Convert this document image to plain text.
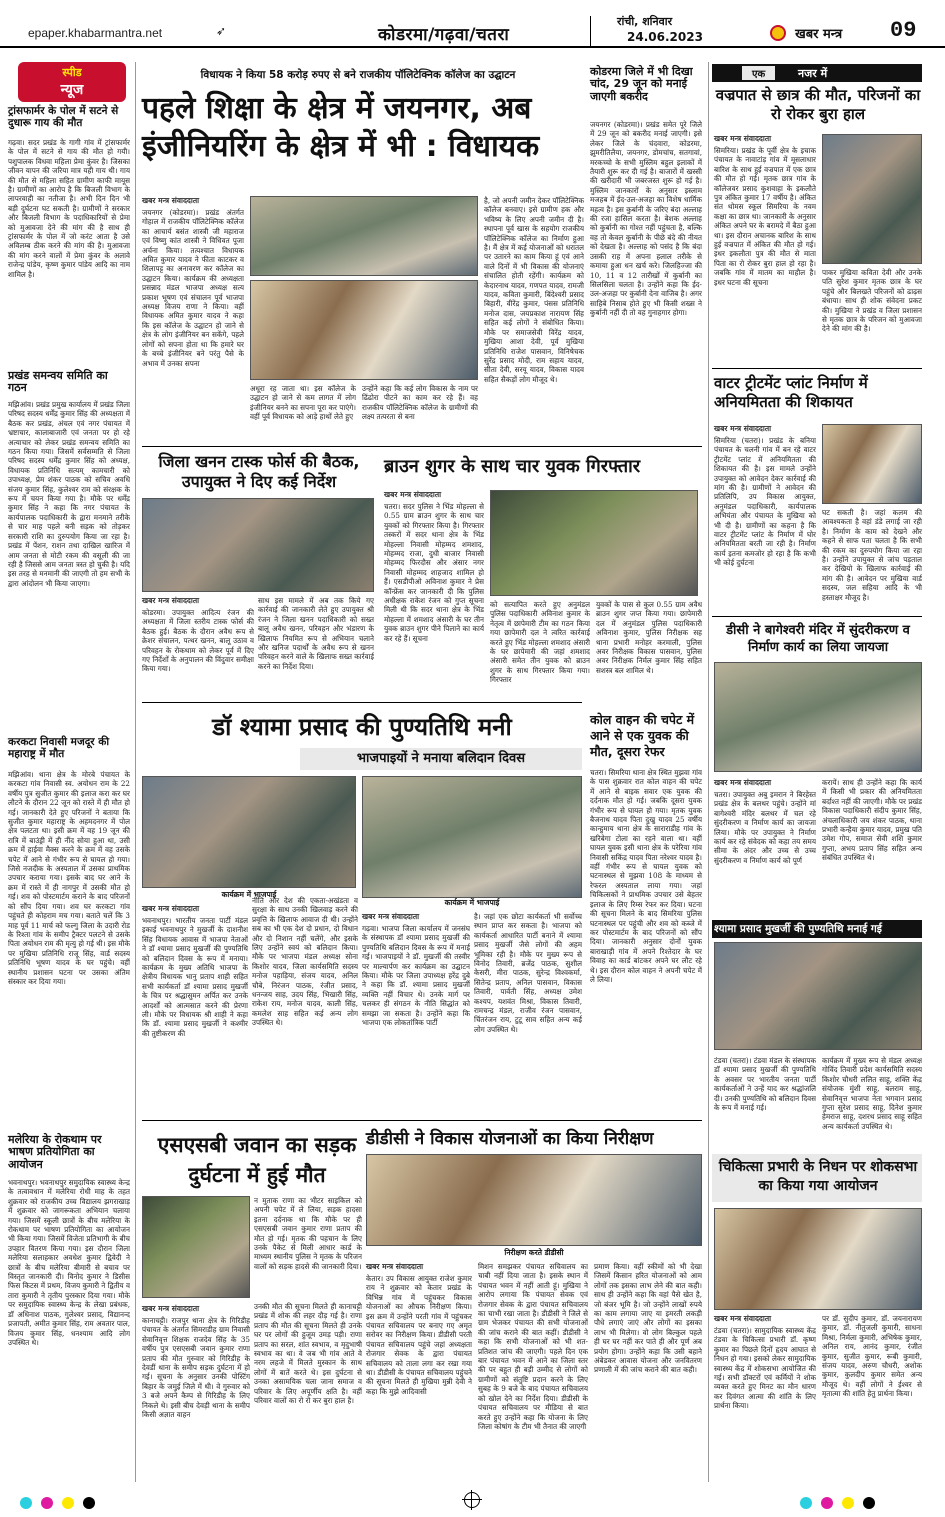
epaper.khabarmantra.net	➶	कोडरमा/गढ़वा/चतरा
रांची, शनिवार
24.06.2023	खबर मन्त्र	09
स्पीड
न्यूज
ट्रांसफार्मर के पोल में सटने से दुधारू गाय की मौत
गढ़वा। सदर प्रखंड के गागी गांव में ट्रांसफार्मर के पोल में सटने से गाय की मौत हो गयी। पशुपालक विधवा महिला प्रेमा कुंवर है। जिसका जीवन यापन की जरिया मात्र यही गाय थी। गाय की मौत से महिला सहित ग्रामीण काफी मायूस है। ग्रामीणों का आरोप है कि बिजली विभाग के लापरवाही का नतीजा है। अभी दिन दिन भी बड़ी दुर्घटना घट सकती है। ग्रामीणों ने सरकार और बिजली विभाग के पदाधिकारियों से प्रेमा को मुआवजा देने की मांग की है साथ ही ट्रांसफार्मर के पोल में जो करंट आता है उसे अविलम्ब ठीक करने की मांग की है। मुआवजा की मांग करने वालों में प्रेमा कुंवर के अलावे राजेन्द्र पांडेय, कृष्ण कुमार पांडेय आदि का नाम शामिल है।
प्रखंड समन्वय समिति का गठन
मझिआंव। प्रखंड प्रमुख कार्यालय में प्रखंड जिला परिषद सदस्य धर्मेंद्र कुमार सिंह की अध्यक्षता में बैठक कर प्रखंड, अंचल एवं नगर पंचायत में भ्रष्टाचार, कालाबाजारी एवं जनता पर हो रहे अत्याचार को लेकर प्रखंड समन्वय समिति का गठन किया गया। जिसमें सर्वसम्मति से जिला परिषद सदस्य धर्मेंद्र कुमार सिंह को अध्यक्ष, विधायक प्रतिनिधि सत्यम् कामचारी को उपाध्यक्ष, प्रेम शंकर पाठक को सचिव अवधि संजय कुमार सिंह, कुलेश्वर राम को संरक्षक के रूप में चयन किया गया है। मौके पर धर्मेंद्र कुमार सिंह ने कहा कि नगर पंचायत के कार्यपालक पदाधिकारी के द्वारा मनमाने तरीके से चार माह पहले बनी सड़क को तोड़कर सरकारी राशि का दुरुपयोग किया जा रहा है। प्रखंड में पेंशन, राशन तथा दाखिल खारिज में आम जनता से मोटी रकम की वसूली की जा रही है जिससे आम जनता त्रस्त हो चुकी है। यदि इस तरह से मनमानी की जाएगी तो हम सभी के द्वारा आंदोलन भी किया जाएगा।
करकटा निवासी मजदूर की महाराष्ट्र में मौत
मझिआंव। थाना क्षेत्र के मोरबे पंचायत के करकटा गांव निवासी स्व. अयोधन राम के 22 वर्षीय पुत्र सुजीत कुमार की इलाज करा कर घर लौटने के दौरान 22 जून को रास्ते में ही मौत हो गई। जानकारी देते हुए परिजनों ने बताया कि सुजीत कुमार महाराष्ट्र के अहमदनगर में पोल क्षेत्र पलटता था। इसी क्रम में वह 19 जून की रात्रि में बाउंड्री में ही नींद सोया हुआ था, उसी क्रम में हाईवा मैक्स करने के क्रम में वह उसके चपेट में आने से गंभीर रूप से घायल हो गया। जिसे नजदीक के अस्पताल में उसका प्राथमिक उपचार कराया गया। इसके बाद घर आने के क्रम में रास्ते में ही नागपुर में उसकी मौत हो गई। शव को पोस्टमार्टम कराने के बाद परिजनों को सौंप दिया गया। शव घर करकटा गांव पहुंचते ही कोहराम मच गया। बताते चलें कि 3 माह पूर्व 11 मार्च को फल्गु जिला के उदारी रोड के रिश्ता गांव के समीप ट्रैक्टर पलटने से उसके पिता अयोधन राम की मृत्यु हो गई थी। इस मौके पर मुखिया प्रतिनिधि राजू सिंह, वार्ड सदस्य प्रतिनिधि भूषण यादव के घर पहुंचे। वहीं स्थानीय प्रशासन घटना पर उसका अंतिम संस्कार कर दिया गया।
मलेरिया के रोकथाम पर भाषण प्रतियोगिता का आयोजन
भवनाथपुर। भवनाथपुर समुदायिक स्वास्थ्य केन्द्र के तत्वावधान में मलेरिया रोधी माह के तहत शुक्रवार को राजकीय उच्च विद्यालय झगराखाड़ में शुक्रवार को जागरूकता अभियान चलाया गया। जिसमें स्कूली छात्रों के बीच मलेरिया के रोकथाम पर भाषण प्रतियोगिता का आयोजन भी किया गया। जिसमें विजेता प्रतिभागी के बीच उपहार वितरण किया गया। इस दौरान जिला मलेरिया सलाहकार अवधेश कुमार द्विवेदी ने छात्रों के बीच मलेरिया बीमारी से बचाव पर विस्तृत जानकारी दी। विनोद कुमार ने डिसीस फिस किटस में प्रथम, विजय कुमारी ने द्वितीय व तारा कुमारी ने तृतीय पुरस्कार दिया गया। मौके पर समुदायिक स्वास्थ्य केन्द्र के लेखा प्रबंधक, डॉ अधिनाश पाठक, गुलेश्वर प्रसाद, विद्यानन्द प्रजापती, अमीत कुमार सिंह, राम अवतार पाल, विजय कुमार सिंह, धनश्याम आदि लोग उपस्थित थे।
विधायक ने किया 58 करोड़ रुपए से बने राजकीय पॉलिटेक्निक कॉलेज का उद्घाटन
पहले शिक्षा के क्षेत्र में जयनगर, अब इंजीनियरिंग के क्षेत्र में भी : विधायक
खबर मन्त्र संवाददाता
जयनगर (कोडरमा)। प्रखंड अंतर्गत गोहाल में राजकीय पॉलिटेक्निक कॉलेज का आचार्य बसंत शास्त्री जी महाराज एवं विष्णु कांत शास्त्री ने विधिवत पूजा अर्चना किया। तत्पश्चात विधायक अमित कुमार यादव ने फीता काटकर व शिलापट्ट का अनावरण कर कॉलेज का उद्घाटन किया। कार्यक्रम की अध्यक्षता प्रसन्नाद मंडल भाजपा अध्यक्ष सत्य प्रकाश भूषण एवं संचालन पूर्व भाजपा अध्यक्ष विजय राणा ने किया। वहीं विधायक अमित कुमार यादव ने कहा कि इस कॉलेज के उद्घाटन हो जाने से क्षेत्र के लोग इंजीनियर बन सकेंगे, पहले लोगों को सपना होता था कि हमारे घर के बच्चे इंजीनियर बने परंतु पैसे के अभाव में उनका सपना
अधूरा रह जाता था। इस कॉलेज के उद्घाटन हो जाने से कम लागत में लोग इंजीनियर बनने का सपना पूरा कर पाएंगे। वहीं पूर्व विधायक को आड़े हाथों लेते हुए
उन्होंने कहा कि कई लोग विकास के नाम पर ढिंढोरा पीटने का काम कर रहे हैं। वह राजकीय पॉलिटेक्निक कॉलेज के ग्रामीणों की लक्ष्य तत्परता से बना
है, जो अपनी जमीन देकर पॉलिटेक्निक कॉलेज बनवाए। इसे ग्रामीण हक और भविष्य के लिए अपनी जमीन दी है। स्थापना पूर्व खास के सहयोग राजकीय पॉलिटेक्निक कॉलेज का निर्माण हुआ है। मैं क्षेत्र में कई योजनाओं को धरातल पर उतारने का काम किया हूं एवं आने वाले दिनों में भी विकास की योजनाएं संचालित होती रहेंगी। कार्यक्रम को केदारनाथ यादव, गणपत यादव, रामजी यादव, कविता कुमारी, बिंदेश्वरी प्रसाद बिहारी, वीरेंद्र कुमार, पंसस प्रतिनिधि मनोज दास, जयप्रकाश नारायण सिंह सहित कई लोगों ने संबोधित किया। मौके पर समाजसेवी विरेंद्र यादव, मुखिया आशा देवी, पूर्व मुखिया प्रतिनिधि राजेश पासवान, विनिषेचक सुरेंद्र प्रसाद मोदी, राम सहाय यादव, सीता देवी, सरयू यादव, विकास यादव सहित सैकड़ों लोग मौजूद थे।
कोडरमा जिले में भी दिखा चांद, 29 जून को मनाई जाएगी बकरीद
जयनगर (कोडरमा)। प्रखंड समेत पूरे जिले में 29 जून को बकरीद मनाई जाएगी। इसे लेकर जिले के चंदवारा, कोडरमा, झुमरीतिलैया, जयनगर, डोमचांच, सतगावां, मरकच्चो के सभी मुस्लिम बहुल इलाकों में तैयारी शुरू कर दी गई है। बाजारों में खस्सी की खरीदारी भी जबरजस्त शुरू हो गई है। मुस्लिम जानकारों के अनुसार इस्लाम मजहब में ईद-उल-अजहा का विशेष धार्मिक महत्व है। इस कुर्बानी के जरिए बंदा अल्लाह की रजा हासिल करता है। बेशक अल्लाह को कुर्बानी का गोश्त नहीं पहुंचता है, बल्कि वह तो केवल कुर्बानी के पीछे बंदे की नीयत को देखता है। अल्लाह को पसंद है कि बंदा उसकी राह में अपना हलाल तरीके से कमाया हुआ धन खर्च करे। जिलहिज्जा की 10, 11 व 12 तारीखों में कुर्बानी का सिलसिला चलता है। उन्होंने कहा कि ईद-उल-अजहा पर कुर्बानी देना वाजिब है। अगर साहिबे निसाब होते हुए भी किसी शख्स ने कुर्बानी नहीं दी तो वह गुनाहगार होगा।
जिला खनन टास्क फोर्स की बैठक, उपायुक्त ने दिए कई निर्देश
खबर मन्त्र संवाददाता
कोडरमा। उपायुक्त आदित्य रंजन की अध्यक्षता में जिला स्तरीय टास्क फोर्स की बैठक हुई। बैठक के दौरान अवैध रूप से क्रेशर संचालन, पत्थर खनन, बालू उठाव व परिवहन के रोकथाम को लेकर पूर्व में दिए गए निर्देशों के अनुपालन की विंदुवार समीक्षा किया गया।
साथ इस मामले में अब तक किये गए कार्रवाई की जानकारी लेते हुए उपायुक्त श्री रंजन ने जिला खनन पदाधिकारी को सख्त बालू अवैध खनन, परिवहन और भंडारण के खिलाफ नियमित रूप से अभियान चलाने और खनिज पदार्थों के अवैध रूप से खनन परिवहन करने वाले के खिलाफ सख्त कार्रवाई करने का निर्देश दिया।
ब्राउन शुगर के साथ चार युवक गिरफ्तार
खबर मन्त्र संवाददाता
चतरा। सदर पुलिस ने भिंड मोहल्ला से 0.55 ग्राम ब्राउन शुगर के साथ चार युवकों को गिरफ्तार किया है। गिरफ्तार तस्करों में सदर थाना क्षेत्र के भिंड मोहल्ला निवासी मोहम्मद शमशाद, मोहम्मद राजा, दुधी बाजार निवासी मोहम्मद फिरदौस और अंसार नगर निवासी मोहम्मद शाहजाद शामिल हो हैं। एसडीपीओ अविनाश कुमार ने प्रेस कॉन्फ्रेंस कर जानकारी दी कि पुलिस अधीक्षक राकेश रंजन को गुप्त सूचना मिली थी कि सदर थाना क्षेत्र के भिंड मोहल्ला में शमशाद अंसारी के घर तीन युवक ब्राउन शुगर पीने पिलाने का कार्य कर रहे हैं। सूचना
को सत्यापित करते हुए अनुमंडल पुलिस पदाधिकारी अविनाश कुमार के नेतृत्व में छापेमारी टीम का गठन किया गया छापेमारी दल ने त्वरित कार्रवाई करते हुए भिंड मोहल्ला शमशाद अंसारी के घर छापेमारी की जहां शमशाद अंसारी समेत तीन युवक को ब्राउन शुगर के साथ गिरफ्तार किया गया। गिरफ्तार
युवकों के पास से कुल 0.55 ग्राम अवैध ब्राउन शुगर जप्त किया गया। छापेमारी दल में अनुमंडल पुलिस पदाधिकारी अविनाश कुमार, पुलिस निरीक्षक सह थाना प्रभारी मनोहर करमाली, पुलिस अवर निरीक्षक विकास पासवान, पुलिस अवर निरीक्षक निर्मल कुमार सिंह सहित सशस्त्र बल शामिल थे।
डॉ श्यामा प्रसाद की पुण्यतिथि मनी
भाजपाइयों ने मनाया बलिदान दिवस
कार्यक्रम में भाजपाई
कार्यक्रम में भाजपाई
खबर मन्त्र संवाददाता
भवनाथपुर। भारतीय जनता पार्टी मंडल इकाई भवनाथपुर ने मुखर्जी के दाशनीश सिंह विधायक आवास में भाजपा नेताओं ने डॉ श्यामा प्रसाद मुखर्जी की पुण्यतिथि को बलिदान दिवस के रूप में मनाया। कार्यक्रम के मुख्य अतिथि भाजपा के क्षेत्रीय विधायक भानु प्रताप शाही सहित सभी कार्यकर्ता डॉ श्यामा प्रसाद मुखर्जी के चित्र पर श्रद्धासुमन अर्पित कर उनके आदर्शों को आत्मसात करने की प्रेरणा ली। मौके पर विधायक श्री शाही ने कहा कि डॉ. श्यामा प्रसाद मुखर्जी ने कश्मीर की तुष्टीकरण की
नीति और देश की एकता-अखंडता व सुरक्षा के साथ उनकी खिलवाड़ करने की प्रवृत्ति के खिलाफ आवाज दी थी। उन्होंने सब का भी एक देश दो प्रधान, दो विधान और दो निशान नहीं चलेंगे, और इसके लिए उन्होंने स्वयं को बलिदान किया। मौके पर भाजपा मंडल अध्यक्ष सोना किशोर यादव, जिला कार्यसमिति सदस्य मनोज पहाड़िया, संजय यादव, अनिल चौबे, निरंजन पाठक, रंजीत प्रसाद, धनन्जय साह, उदय सिंह, भिखारी सिंह, राकेश राय, मनोज यादव, काली सिंह, कमलेश साह सहित कई अन्य लोग उपस्थित थे।
खबर मन्त्र संवाददाता
गढ़वा। भाजपा जिला कार्यालय में जनसंघ के संस्थापक डॉ श्यामा प्रसाद मुखर्जी की पुण्यतिथि बलिदान दिवस के रूप में मनाई गई। भाजपाइयों ने डॉ. मुखर्जी की तस्वीर पर माल्यार्पण कर कार्यक्रम का उद्घाटन किया। मौके पर जिला उपाध्यक्ष हरेंद्र दुबे ने कहा कि डॉ. श्यामा प्रसाद मुखर्जी व्यक्ति नहीं विचार थे। उनके मार्ग पर चलकर ही संगठन के नीति सिद्धांत को समझा जा सकता है। उन्होंने कहा कि भाजपा एक लोकतांत्रिक पार्टी
है। जहां एक छोटा कार्यकर्ता भी सर्वोच्च स्थान प्राप्त कर सकता है। भाजपा को कार्यकर्ता आधारित पार्टी बनाने में श्यामा प्रसाद मुखर्जी जैसे लोगों की अहम भूमिका रही है। मौके पर मुख्य रूप से विनोद तिवारी, ब्रजेंद्र पाठक, सुशील केसरी, मीरा पाठक, सुरेन्द्र विश्वकर्मा, सितेन्द्र प्रताप, अनिल पासवान, विकास तिवारी, पार्वती सिंह, अध्यक्ष उमेश कश्यप, यशवंत मिश्रा, विकास तिवारी, रामचन्द्र मंडल, राजीव रंजन पासवान, चिंतरंजन राय, टुटू साव सहित अन्य कई लोग उपस्थित थे।
कोल वाहन की चपेट में आने से एक युवक की मौत, दूसरा रेफर
चतरा। सिमरिया थाना क्षेत्र स्थित मुझवा गांव के पास शुक्रवार रात कोल वाहन की चपेट में आने से बाइक सवार एक युवक की दर्दनाक मौत हो गई। जबकि दूसरा युवक गंभीर रूप से घायल हो गया। मृतक युवक बैजनाथ यादव पिता दुखु यादव 25 वर्षीय कान्हुमाय थाना क्षेत्र के साराराडीह गांव के खरिबेगा टोला का रहने वाला था। वहीं घायल युवक इसी थाना क्षेत्र के परेरिया गांव निवासी सकिंद्र यादव पिता नरेश्वर यादव है। वहीं गंभीर रूप से घायल युवक को घटनास्थल से मुझवा 108 के माध्यम से रेफरल अस्पताल लाया गया। जहां चिकित्सकों ने प्राथमिक उपचार उसे बेहतर इलाज के लिए रिम्स रेफर कर दिया। घटना की सूचना मिलने के बाद सिमरिया पुलिस घटनास्थल पर पहुंची और शव को कब्जे में कर पोस्टमार्टम के बाद परिजनों को सौंप दिया। जानकारी अनुसार दोनों युवक बाराखाड़ी गांव में अपने रिश्तेदार के घर विवाह का कार्ड बांटकर अपने घर लौट रहे थे। इस दौरान कोल वाहन ने अपनी चपेट में ले लिया।
एसएसबी जवान का सड़क दुर्घटना में हुई मौत
न मुताक राणा का भीटर साइकिल को अपनी चपेट में ले लिया, सड़क हादसा इतना दर्दनाक था कि मौके पर ही एसएसबी जवान कुमार राणा प्रताप की मौत हो गई। मृतक की पहचान के लिए उनके पैकेट से मिली आधार कार्ड के माध्यम स्थानीय पुलिस ने मृतक के परिजन वालों को सड़क हादसे की जानकारी दिया।
खबर मन्त्र संवाददाता
कानाचट्टी। राजपुर थाना क्षेत्र के गिरिडीह पंचायत के अंतर्गत सिमराडीह ग्राम निवासी सेवानिवृत्त शिक्षक राजदेव सिंह के 35 वर्षीय पुत्र एसएसबी जवान कुमार राणा प्रताप की मौत गुरुवार को गिरिडीह के देवडीं थाना के समीप सड़क दुर्घटना में हो गई। सूचना के अनुसार उनकी पोस्टिंग बिहार के जमुई जिले में थी। वे गुरुवार को 3 बजे अपने कैम्प से गिरिडीह के लिए निकले थे। इसी बीच देवड़ी थाना के समीप किसी अज्ञात वाहन
उनकी मौत की सूचना मिलते ही कानाचट्टी प्रखंड में शोक की लहर दौड़ गई है। राणा प्रताप की मौत की सूचना मिलते ही उनके घर पर लोगों की हुजूम उमड़ पड़ी। राणा प्रताप का सरल, शांत स्वभाव, व मृदुभाषी स्वभाव का था। वे जब भी गांव आते वे नरम लहजे में मिलते मुस्कान के साथ लोगों में बातें करते थे। इस दुर्घटना से उनका असामयिक चला जाना समाज व परिवार के लिए अपूर्णीय क्षति है। वहीं परिवार वालों का रो रो कर बुरा हाल है।
डीडीसी ने विकास योजनाओं का किया निरीक्षण
निरीक्षण करते डीडीसी
खबर मन्त्र संवाददाता
केतार। उप विकास आयुक्त राजेश कुमार राय ने शुक्रवार को केतार प्रखंड के विभिन्न गांव में पहुंचकर विकास योजनाओं का औचक निरीक्षण किया। इस क्रम में उन्होंने परती गांव में पहुंचकर पंचायत सचिवालय पर बनाए गए अमृत सरोवर का निरीक्षण किया। डीडीसी परती पंचायत सचिवालय पहुंचे जहां अध्यक्षता रोजगार सेवक के द्वारा पंचायत सचिवालय को ताला लगा कर रखा गया था। डीडीसी के पंचायत सचिवालय पहुंचने की सूचना मिलते ही मुखिया मुन्नी देवी ने कहा कि मुझे आदिवासी
मिशन समझकर पंचायत सचिवालय का चाबी नहीं दिया जाता है। इसके स्थान में पंचायत भवन में नहीं आती हूं। मुखिया ने आरोप लगाया कि पंचायत सेवक एवं रोजगार सेवक के द्वारा पंचायत सचिवालय का चाभी रखा जाता है। डीडीसी ने जिले से ग्राम भेजकर पंचायत की सभी योजनाओं की जांच कराने की बात कहीं। डीडीसी ने कहा कि सभी योजनाओं को भी शत-प्रतिशत जांच की जाएगी। पहले दिन एक बार पंचायत भवन में आने का जिला स्तर की पर बहुत ही बड़ी उम्मीद से लोगों को ग्रामीणों को संतुष्टि प्रदान करने के लिए सुबह के 9 बजे के बाद पंचायत सचिवालय को खोल देने का निर्देश दिया। डीडीसी के पंचायत सचिवालय पर मीडिया से बात करते हुए उन्होंने कहा कि योजना के लिए जिला कोषांग के टीम भी तैनात की जाएगी
प्रमाण किया। वहीं स्कीमों को भी देखा जिसमें किसान हरित योजनाओं को आम लोगों तक इसका लाभ लेने की बात कही। साथ ही उन्होंने कहा कि वहां पैसे खेत है, जो बंजर भूमि है। जो उन्होंने लाखों रुपये का काम लगाया जाए या इमरती लकड़ी पौधे लगाएं जाएं और लोगों का इसका लाभ भी मिलेगा। वो लोग बिल्कुल पहले ही घर घर नहीं कर पाते ही और पूर्ण अब प्रयोग होगा। उन्होंने कहा कि उसी बहाने अंबेडकर आवास योजना और जनवितरण प्रणाली में की जांच कराने की बात कही।
एक	नजर में
वज्रपात से छात्र की मौत, परिजनों का रो रोकर बुरा हाल
खबर मन्त्र संवाददाता
सिमरिया। प्रखंड के पूर्वी क्षेत्र के इचाक पंचायत के नावाटांड़ गांव में मूसलाधार बारिश के साथ हुई वज्रपात में एक छात्र की मौत हो गई। मृतक छात्र गांव के कॉलेजवर प्रसाद कुशवाहा के इकलौते पुत्र अंकित कुमार 17 वर्षीय है। अंकित संत थोमस स्कूल सिमरिया के नवम कक्षा का छात्र था। जानकारी के अनुसार अंकित अपने घर के बरामदे में बैठा हुआ था। इस दौरान अचानक बारिश के साथ हुई वज्रपात में अंकित की मौत हो गई। इधर इकलौता पुत्र की मौत से माता पिता का रो रोकर बुरा हाल हो रहा है। जबकि गांव में मातम का माहौल है। इधर घटना की सूचना
पाकर मुखिया कविता देवी और उनके पति सुरेश कुमार मृतक छात्र के घर पहुंचे और बिलखते परिजनों को ढाढ़स बंधाया। साथ ही शोक संवेदना प्रकट की। मुखिया ने प्रखंड व जिला प्रशासन से मृतक छात्र के परिजन को मुआवजा देने की मांग की है।
वाटर ट्रीटमेंट प्लांट निर्माण में अनियमितता की शिकायत
खबर मन्त्र संवाददाता
सिमरिया (चतरा)। प्रखंड के बनिया पंचायत के चलनी गांव में बन रहे वाटर ट्रीटमेंट प्लांट में अनियमितता की शिकायत की है। इस मामले उन्होंने उपायुक्त को आवेदन देकर कार्रवाई की मांग की है। ग्रामीणों ने आवेदन की प्रतिलिपि, उप विकास आयुक्त, अनुमंडल पदाधिकारी, कार्यपालक अभियंता और पंचायत के मुखिया को भी दी है। ग्रामीणों का कहना है कि वाटर ट्रीटमेंट प्लांट के निर्माण में घोर अनियमितता बरती जा रही है। निर्माण कार्य इतना कमजोर हो रहा है कि कभी भी कोई दुर्घटना
घट सकती है। जहां कलम की आवश्यकता है वहां डंडे लगाई जा रही है। निर्माण के काम को देखने और कहने से साफ पता चलता है कि सभी की रकम का दुरुपयोग किया जा रहा है। उन्होंने उपायुक्त से जांच पड़ताल कर देखियो के खिलाफ कार्रवाई की मांग की है। आवेदन पर मुखिया वार्ड सदस्य, जल सहिया आदि के भी हस्ताक्षर मौजूद है।
डीसी ने बागेश्वरी मंदिर में सुंदरीकरण व निर्माण कार्य का लिया जायजा
खबर मन्त्र संवाददाता
चतरा। उपायुक्त अबु इमरान ने बिरहेस्त प्रखंड क्षेत्र के बलथर पहुंचे। उन्होंने मां बागेश्वरी मंदिर बलथर में चल रहे सुंदरीकरण व निर्माण कार्य का जायजा लिया। मौके पर उपायुक्त ने निर्माण कार्य कर रहे संवेदक को कहा तय समय सीमा के अंदर और उच्च से उच्च सुंदरीकरण व निर्माण कार्य को पूर्ण
करायें। साथ ही उन्होंने कहा कि कार्य में किसी भी प्रकार की अनियमितता बर्दाश्त नहीं की जाएगी। मौके पर प्रखंड विकास पदाधिकारी संदीप कुमार सिंह, अंचलाधिकारी जय शंकर पाठक, थाना प्रभारी कन्हैया कुमार यादव, प्रमुख पति उमेश गोप, समाज सेवी शशि कुमार गुप्ता, अभय प्रताप सिंह सहित अन्य संबंधित उपस्थित थे।
श्यामा प्रसाद मुखर्जी की पुण्यतिथि मनाई गई
टंडवा (चतरा)। टंडवा मंडल के संस्थापक डॉ श्यामा प्रसाद मुखर्जी की पुण्यतिथि के अवसर पर भारतीय जनता पार्टी कार्यकर्ताओं ने उन्हें याद कर श्रद्धांजलि दी। उनकी पुण्यतिथि को बलिदान दिवस के रूप में मनाई गई।
कार्यक्रम में मुख्य रूप से मंडल अध्यक्ष गोविंद तिवारी प्रदेश कार्यसमिति सदस्य किशोर चौधरी ललित साहू, शक्ति केंद्र संयोजक मुंशी साहू, बलराम साहू, सेवानिवृत्त भाजपा नेता भगवान प्रसाद गुप्ता सुरेश प्रसाद साहू, दिनेश कुमार हेमराज साहू, दशरथ प्रसाद साहू सहित अन्य कार्यकर्ता उपस्थित थे।
चिकित्सा प्रभारी के निधन पर शोकसभा का किया गया आयोजन
खबर मन्त्र संवाददाता
टंडवा (चतरा)। सामुदायिक स्वास्थ्य केंद्र टंडवा के चिकित्सा प्रभारी डॉ. कृष्ण कुमार का पिछले दिनों हृदय आघात से निधन हो गया। इसको लेकर सामुदायिक स्वास्थ्य केंद्र में शोकसभा आयोजित की गई। सभी डॉक्टरों एवं कर्मियों ने शोक व्यक्त करते हुए मिनट का मौन धारण कर दिवंगत आत्मा की शांति के लिए प्रार्थना किया।
पर डॉ. सुदीप कुमार, डॉ. जयनारायण कुमार, डॉ. नीतुजली कुमारी, साधना मिश्रा, निर्मला कुमारी, अभिषेक कुमार, अनिल राय, आनंद कुमार, रंजीत कुमार, सुजीत कुमार, रूबी कुमारी, संजय यादव, अरुण चौधरी, अशोक कुमार, कुलदीप कुमार समेत अन्य मौजूद थे। वहीं लोगों ने ईश्वर से मृतात्मा की शांति हेतु प्रार्थना किया।
